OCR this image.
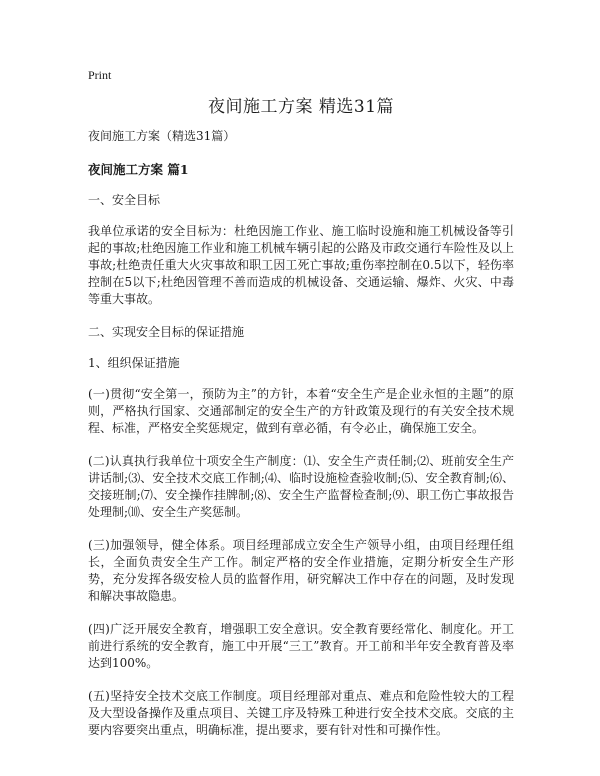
Print
夜间施工方案 精选31篇
夜间施工方案（精选31篇）
夜间施工方案 篇1
一、安全目标
我单位承诺的安全目标为：杜绝因施工作业、施工临时设施和施工机械设备等引起的事故;杜绝因施工作业和施工机械车辆引起的公路及市政交通行车险性及以上事故;杜绝责任重大火灾事故和职工因工死亡事故;重伤率控制在0.5以下，轻伤率控制在5以下;杜绝因管理不善而造成的机械设备、交通运输、爆炸、火灾、中毒等重大事故。
二、实现安全目标的保证措施
1、组织保证措施
(一)贯彻“安全第一，预防为主”的方针，本着“安全生产是企业永恒的主题”的原则，严格执行国家、交通部制定的安全生产的方针政策及现行的有关安全技术规程、标准，严格安全奖惩规定，做到有章必循，有令必止，确保施工安全。
(二)认真执行我单位十项安全生产制度：⑴、安全生产责任制;⑵、班前安全生产讲话制;⑶、安全技术交底工作制;⑷、临时设施检查验收制;⑸、安全教育制;⑹、交接班制;⑺、安全操作挂牌制;⑻、安全生产监督检查制;⑼、职工伤亡事故报告处理制;⑽、安全生产奖惩制。
(三)加强领导，健全体系。项目经理部成立安全生产领导小组，由项目经理任组长，全面负责安全生产工作。制定严格的安全作业措施，定期分析安全生产形势，充分发挥各级安检人员的监督作用，研究解决工作中存在的问题，及时发现和解决事故隐患。
(四)广泛开展安全教育，增强职工安全意识。安全教育要经常化、制度化。开工前进行系统的安全教育，施工中开展“三工”教育。开工前和半年安全教育普及率达到100%。
(五)坚持安全技术交底工作制度。项目经理部对重点、难点和危险性较大的工程及大型设备操作及重点项目、关键工序及特殊工种进行安全技术交底。交底的主要内容要突出重点，明确标准，提出要求，要有针对性和可操作性。
